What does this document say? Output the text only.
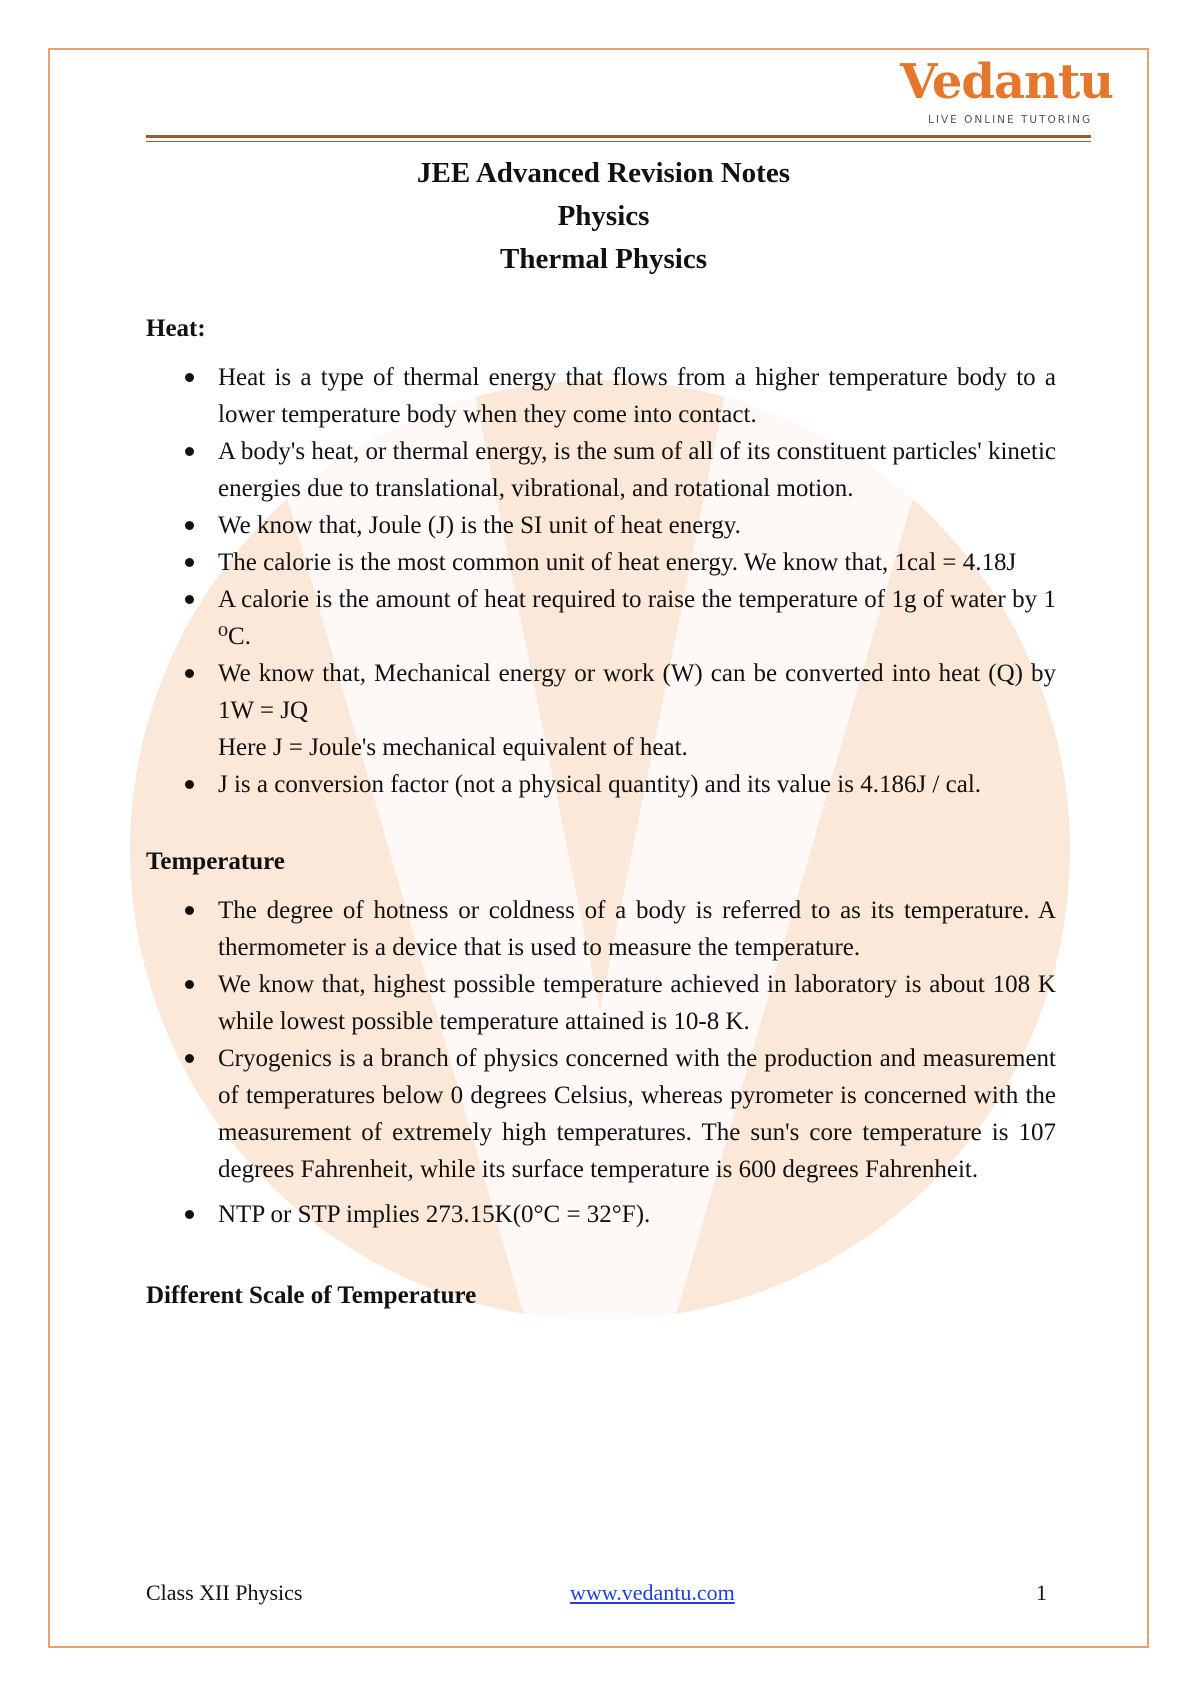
Vedantu
LIVE ONLINE TUTORING
JEE Advanced Revision Notes
Physics
Thermal Physics
Heat:
Heat is a type of thermal energy that flows from a higher temperature body to a lower temperature body when they come into contact.
A body's heat, or thermal energy, is the sum of all of its constituent particles' kinetic energies due to translational, vibrational, and rotational motion.
We know that, Joule (J) is the SI unit of heat energy.
The calorie is the most common unit of heat energy. We know that, 1cal = 4.18J
A calorie is the amount of heat required to raise the temperature of 1g of water by 1 ⁰C.
We know that, Mechanical energy or work (W) can be converted into heat (Q) by 1W = JQ
Here J = Joule's mechanical equivalent of heat.
J is a conversion factor (not a physical quantity) and its value is 4.186J / cal.
Temperature
The degree of hotness or coldness of a body is referred to as its temperature. A thermometer is a device that is used to measure the temperature.
We know that, highest possible temperature achieved in laboratory is about 108 K while lowest possible temperature attained is 10-8 K.
Cryogenics is a branch of physics concerned with the production and measurement of temperatures below 0 degrees Celsius, whereas pyrometer is concerned with the measurement of extremely high temperatures. The sun's core temperature is 107 degrees Fahrenheit, while its surface temperature is 600 degrees Fahrenheit.
NTP or STP implies 273.15K(0°C = 32°F).
Different Scale of Temperature
Class XII Physics	www.vedantu.com	1
